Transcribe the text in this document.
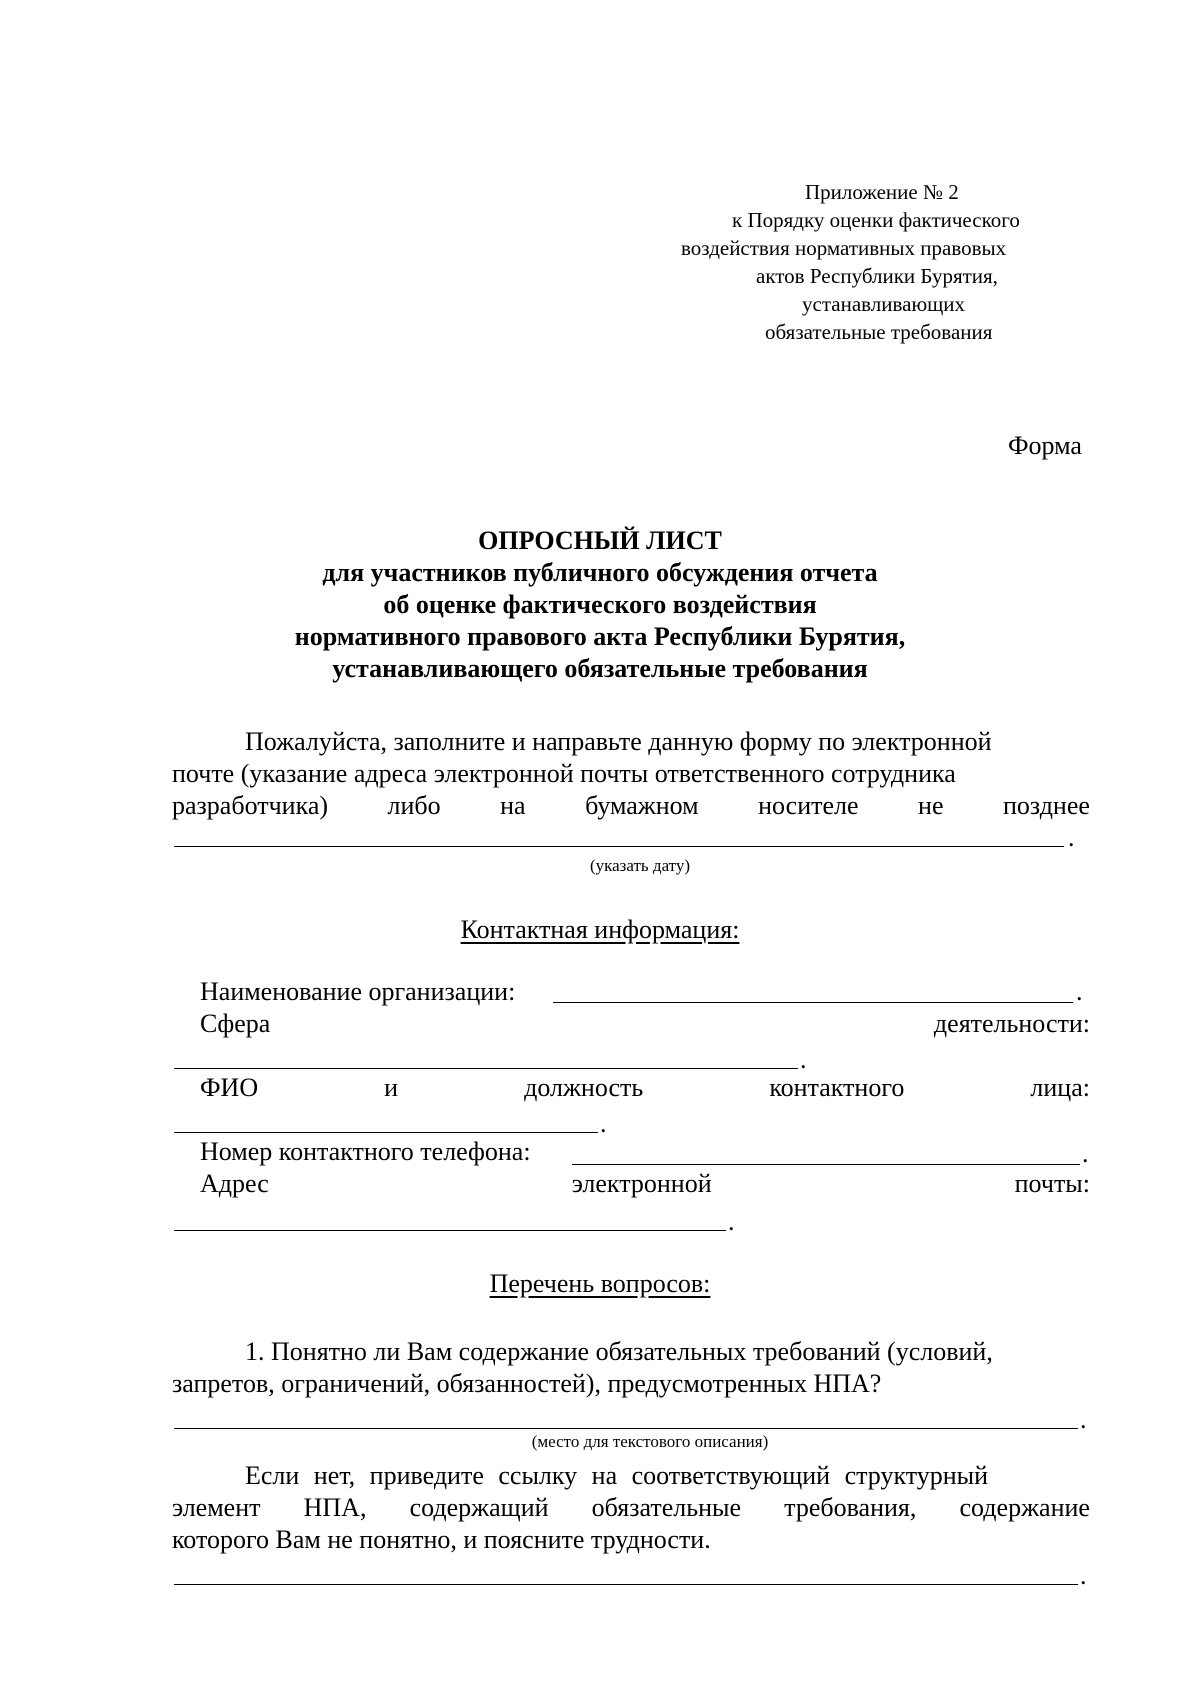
Приложение № 2
к Порядку оценки фактического
воздействия нормативных правовых
актов Республики Бурятия,
устанавливающих
обязательные требования
Форма
ОПРОСНЫЙ ЛИСТ
для участников публичного обсуждения отчета
об оценке фактического воздействия
нормативного правового акта Республики Бурятия,
устанавливающего обязательные требования
Пожалуйста, заполните и направьте данную форму по электронной
почте (указание адреса электронной почты ответственного сотрудника
разработчика) либо на бумажном носителе не позднее
.
(указать дату)
Контактная информация:
Наименование организации:	.
Сфера	деятельности:
.
ФИО	и	должность	контактного	лица:
.
Номер контактного телефона:	.
Адрес	электронной	почты:
.
Перечень вопросов:
1. Понятно ли Вам содержание обязательных требований (условий,
запретов, ограничений, обязанностей), предусмотренных НПА?
.
(место для текстового описания)
Если нет, приведите ссылку на соответствующий структурный
элемент НПА, содержащий обязательные требования, содержание
которого Вам не понятно, и поясните трудности.
.
